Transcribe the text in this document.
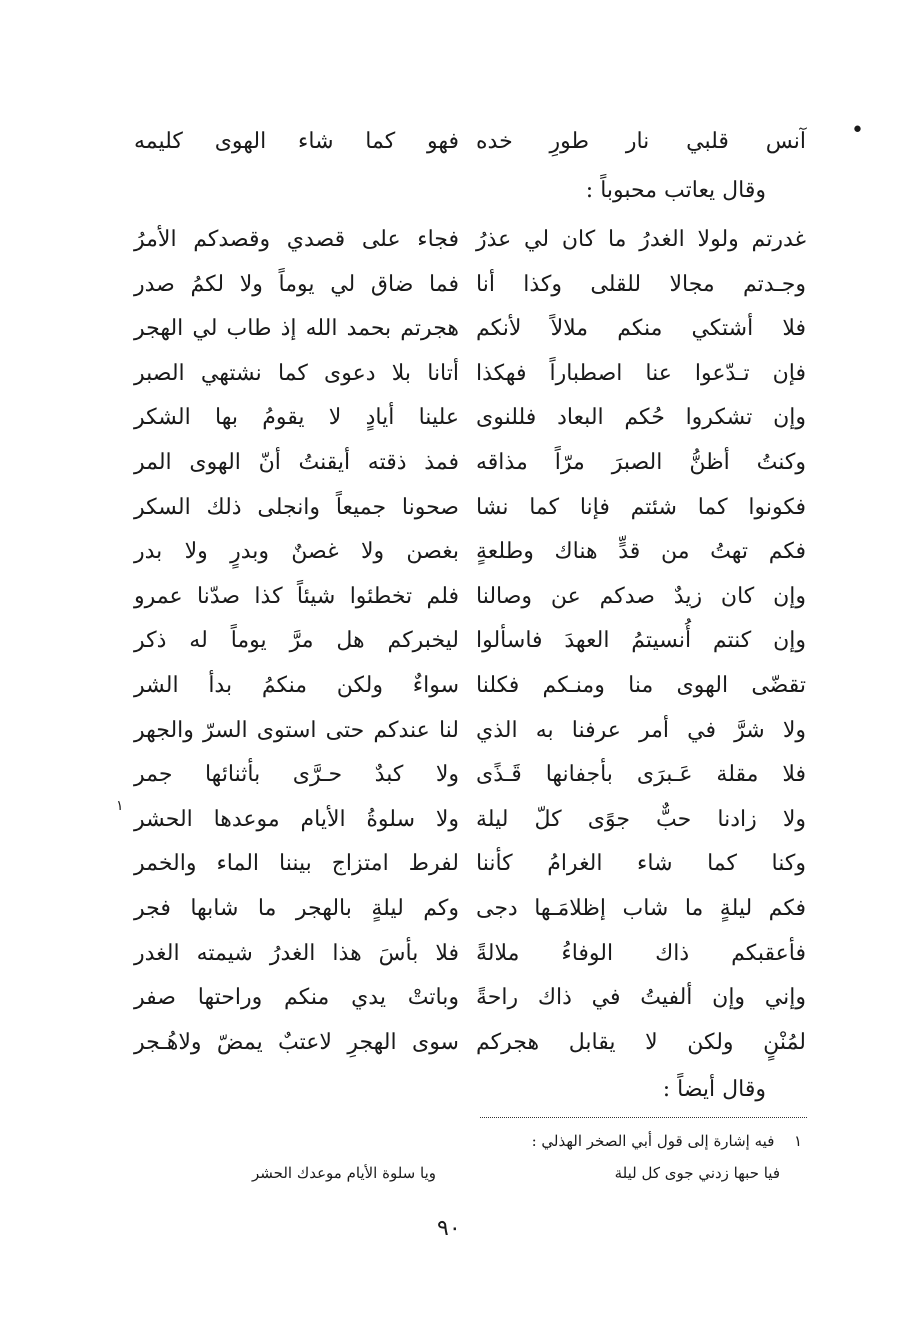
•
آنس قلبي نار طورِ خده
فهو كما شاء الهوى كليمه
وقال يعاتب محبوباً :
غدرتم ولولا الغدرُ ما كان لي عذرُ
فجاء على قصدي وقصدكم الأمرُ
وجـدتم مجالا للقلى وكذا أنا
فما ضاق لي يوماً ولا لكمُ صدر
فلا أشتكي منكم ملالاً لأنكم
هجرتم بحمد الله إذ طاب لي الهجر
فإن تـدّعوا عنا اصطباراً فهكذا
أتانا بلا دعوى كما نشتهي الصبر
وإن تشكروا حُكم البعاد فللنوى
علينا أيادٍ لا يقومُ بها الشكر
وكنتُ أظنُّ الصبرَ مرّاً مذاقه
فمذ ذقته أيقنتُ أنّ الهوى المر
فكونوا كما شئتم فإنا كما نشا
صحونا جميعاً وانجلى ذلك السكر
فكم تهتُ من قدٍّ هناك وطلعةٍ
بغصن ولا غصنٌ وبدرٍ ولا بدر
وإن كان زيدٌ صدكم عن وصالنا
فلم تخطئوا شيئاً كذا صدّنا عمرو
وإن كنتم أُنسيتمُ العهدَ فاسألوا
ليخبركم هل مرَّ يوماً له ذكر
تقضّى الهوى منا ومنـكم فكلنا
سواءٌ ولكن منكمُ بدأ الشر
ولا شرَّ في أمر عرفنا به الذي
لنا عندكم حتى استوى السرّ والجهر
فلا مقلة عَـبرَى بأجفانها قَـذًى
ولا كبدٌ حـرَّى بأثنائها جمر
ولا زادنا حبٌّ جوًى كلّ ليلة
ولا سلوةُ الأيام موعدها الحشر
١
وكنا كما شاء الغرامُ كأننا
لفرط امتزاج بيننا الماء والخمر
فكم ليلةٍ ما شاب إظلامَـها دجى
وكم ليلةٍ بالهجر ما شابها فجر
فأعقبكم ذاك الوفاءُ ملالةً
فلا بأسَ هذا الغدرُ شيمته الغدر
وإني وإن ألفيتُ في ذاك راحةً
وباتتْ يدي منكم وراحتها صفر
لمُنْنٍ ولكن لا يقابل هجركم
سوى الهجرِ لاعتبٌ يمضّ ولاهُـجر
وقال أيضاً :
١  فيه إشارة إلى قول أبي الصخر الهذلي :
فيا حبها زدني جوى كل ليلة
ويا سلوة الأيام موعدك الحشر
٩٠
